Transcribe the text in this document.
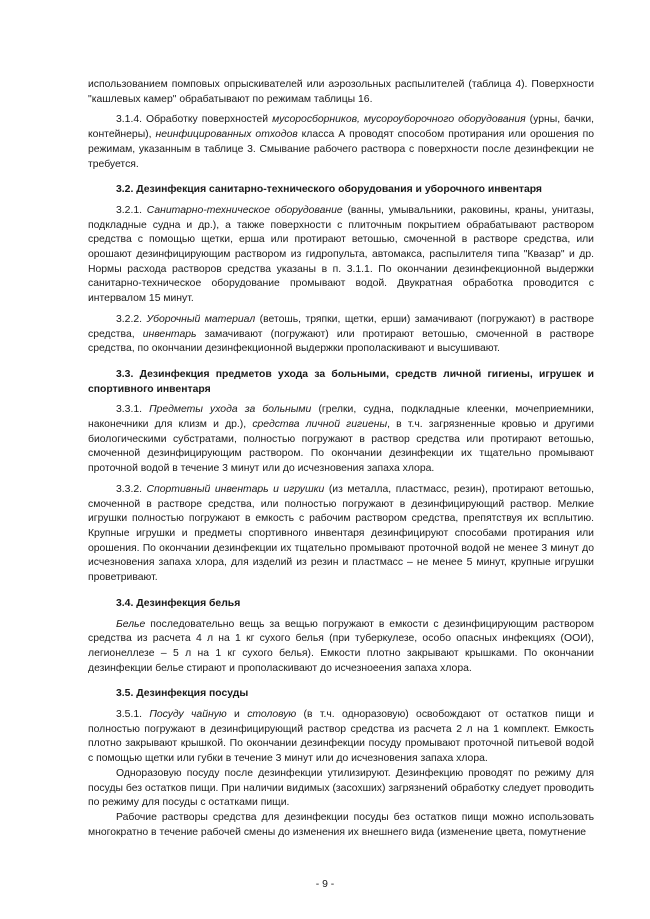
использованием помповых опрыскивателей или аэрозольных распылителей (таблица 4). Поверхности "кашлевых камер" обрабатывают по режимам таблицы 16.

3.1.4. Обработку поверхностей мусоросборников, мусороуборочного оборудования (урны, бачки, контейнеры), неинфицированных отходов класса А проводят способом протирания или орошения по режимам, указанным в таблице 3. Смывание рабочего раствора с поверхности после дезинфекции не требуется.

3.2. Дезинфекция санитарно-технического оборудования и уборочного инвентаря

3.2.1. Санитарно-техническое оборудование (ванны, умывальники, раковины, краны, унитазы, подкладные судна и др.), а также поверхности с плиточным покрытием обрабатывают раствором средства с помощью щетки, ерша или протирают ветошью, смоченной в растворе средства, или орошают дезинфицирующим раствором из гидропульта, автомакса, распылителя типа "Квазар" и др. Нормы расхода растворов средства указаны в п. 3.1.1. По окончании дезинфекционной выдержки санитарно-техническое оборудование промывают водой. Двукратная обработка проводится с интервалом 15 минут.

3.2.2. Уборочный материал (ветошь, тряпки, щетки, ерши) замачивают (погружают) в растворе средства, инвентарь замачивают (погружают) или протирают ветошью, смоченной в растворе средства, по окончании дезинфекционной выдержки прополаскивают и высушивают.

3.3. Дезинфекция предметов ухода за больными, средств личной гигиены, игрушек и спортивного инвентаря

3.3.1. Предметы ухода за больными (грелки, судна, подкладные клеенки, мочеприемники, наконечники для клизм и др.), средства личной гигиены, в т.ч. загрязненные кровью и другими биологическими субстратами, полностью погружают в раствор средства или протирают ветошью, смоченной дезинфицирующим раствором. По окончании дезинфекции их тщательно промывают проточной водой в течение 3 минут или до исчезновения запаха хлора.

3.3.2. Спортивный инвентарь и игрушки (из металла, пластмасс, резин), протирают ветошью, смоченной в растворе средства, или полностью погружают в дезинфицирующий раствор. Мелкие игрушки полностью погружают в емкость с рабочим раствором средства, препятствуя их всплытию. Крупные игрушки и предметы спортивного инвентаря дезинфицируют способами протирания или орошения. По окончании дезинфекции их тщательно промывают проточной водой не менее 3 минут до исчезновения запаха хлора, для изделий из резин и пластмасс – не менее 5 минут, крупные игрушки проветривают.

3.4. Дезинфекция белья

Белье последовательно вещь за вещью погружают в емкости с дезинфицирующим раствором средства из расчета 4 л на 1 кг сухого белья (при туберкулезе, особо опасных инфекциях (ООИ), легионеллезе – 5 л на 1 кг сухого белья). Емкости плотно закрывают крышками. По окончании дезинфекции белье стирают и прополаскивают до исчезноеения запаха хлора.

3.5. Дезинфекция посуды

3.5.1. Посуду чайную и столовую (в т.ч. одноразовую) освобождают от остатков пищи и полностью погружают в дезинфицирующий раствор средства из расчета 2 л на 1 комплект. Емкость плотно закрывают крышкой. По окончании дезинфекции посуду промывают проточной питьевой водой с помощью щетки или губки в течение 3 минут или до исчезновения запаха хлора.

Одноразовую посуду после дезинфекции утилизируют. Дезинфекцию проводят по режиму для посуды без остатков пищи. При наличии видимых (засохших) загрязнений обработку следует проводить по режиму для посуды с остатками пищи.

Рабочие растворы средства для дезинфекции посуды без остатков пищи можно использовать многократно в течение рабочей смены до изменения их внешнего вида (изменение цвета, помутнение

- 9 -
